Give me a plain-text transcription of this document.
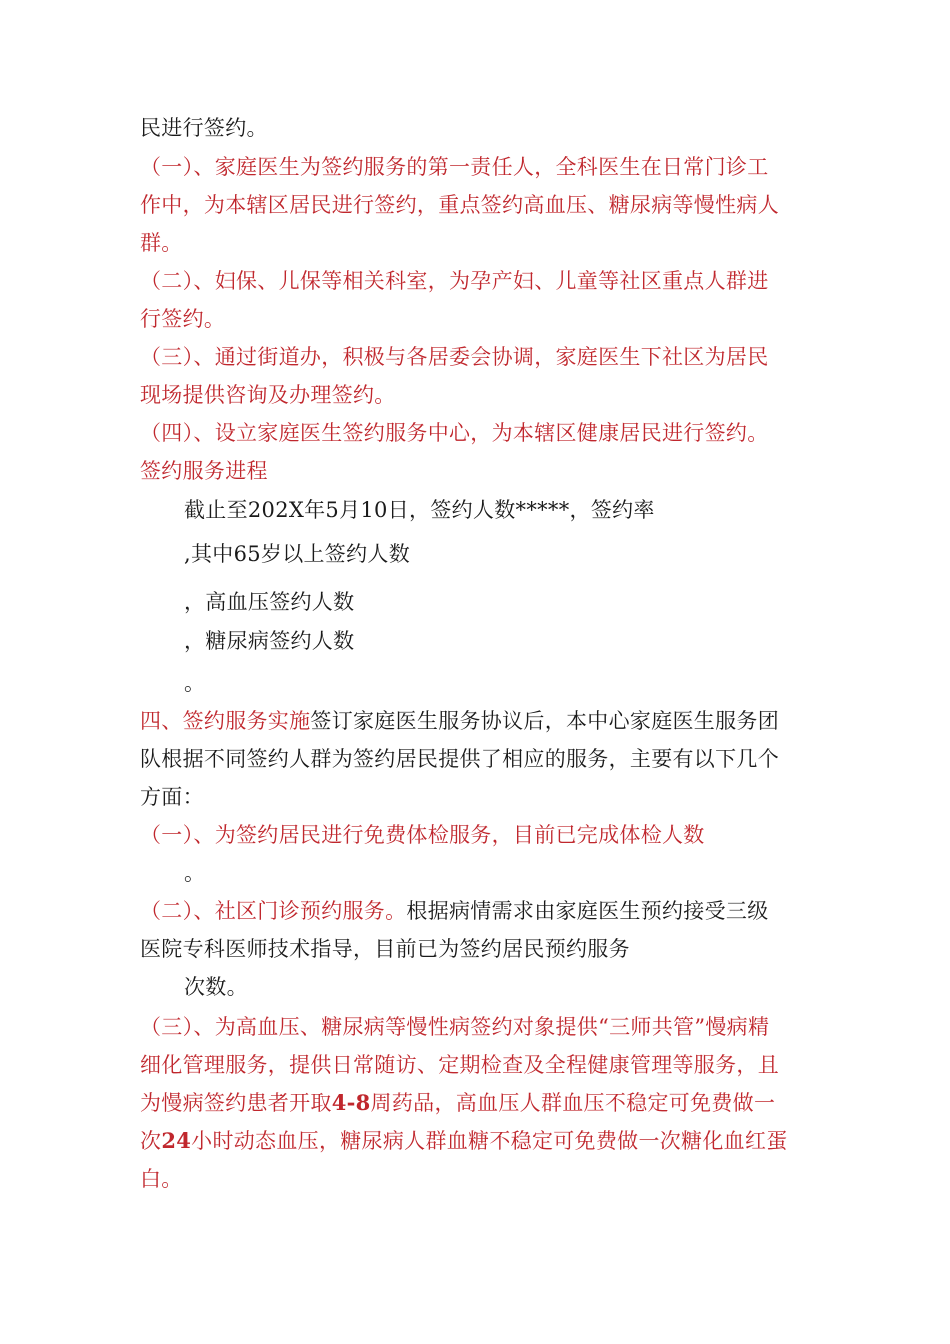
民进行签约。

（一）、家庭医生为签约服务的第一责任人，全科医生在日常门诊工

作中，为本辖区居民进行签约，重点签约高血压、糖尿病等慢性病人

群。

（二）、妇保、儿保等相关科室，为孕产妇、儿童等社区重点人群进

行签约。

（三）、通过街道办，积极与各居委会协调，家庭医生下社区为居民

现场提供咨询及办理签约。

（四）、设立家庭医生签约服务中心，为本辖区健康居民进行签约。

签约服务进程

截止至202X年5月10日，签约人数*****，签约率

,其中65岁以上签约人数

，高血压签约人数

，糖尿病签约人数

。

四、签约服务实施签订家庭医生服务协议后，本中心家庭医生服务团

队根据不同签约人群为签约居民提供了相应的服务，主要有以下几个

方面：

（一）、为签约居民进行免费体检服务，目前已完成体检人数

。

（二）、社区门诊预约服务。根据病情需求由家庭医生预约接受三级

医院专科医师技术指导，目前已为签约居民预约服务

次数。

（三）、为高血压、糖尿病等慢性病签约对象提供“三师共管”慢病精

细化管理服务，提供日常随访、定期检查及全程健康管理等服务，且

为慢病签约患者开取4-8周药品，高血压人群血压不稳定可免费做一

次24小时动态血压，糖尿病人群血糖不稳定可免费做一次糖化血红蛋

白。
